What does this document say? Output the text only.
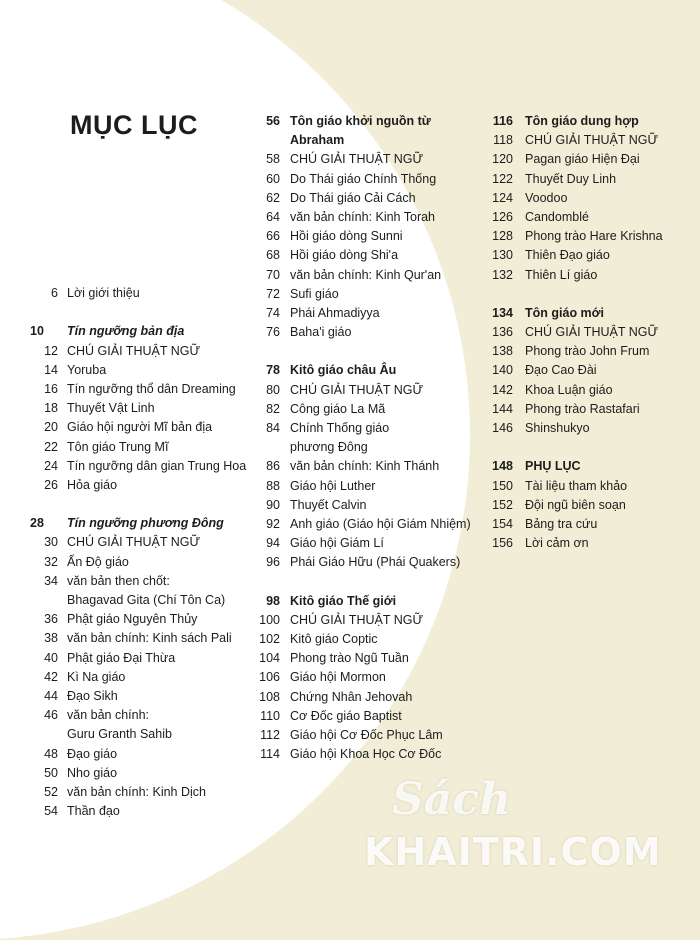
MỤC LỤC
6 Lời giới thiệu
10	Tín ngưỡng bản địa
12 CHÚ GIẢI THUẬT NGỮ
14 Yoruba
16 Tín ngưỡng thổ dân Dreaming
18 Thuyết Vật Linh
20 Giáo hội người Mĩ bản địa
22 Tôn giáo Trung Mĩ
24 Tín ngưỡng dân gian Trung Hoa
26 Hỏa giáo
28	Tín ngưỡng phương Đông
30 CHÚ GIẢI THUẬT NGỮ
32 Ấn Độ giáo
34 văn bản then chốt:
Bhagavad Gita (Chí Tôn Ca)
36 Phật giáo Nguyên Thủy
38 văn bản chính: Kinh sách Pali
40 Phật giáo Đại Thừa
42 Kì Na giáo
44 Đạo Sikh
46 văn bản chính:
Guru Granth Sahib
48 Đạo giáo
50 Nho giáo
52 văn bản chính: Kinh Dịch
54 Thần đạo
56 Tôn giáo khởi nguồn từ
Abraham
58 CHÚ GIẢI THUẬT NGỮ
60 Do Thái giáo Chính Thống
62 Do Thái giáo Cải Cách
64 văn bản chính: Kinh Torah
66 Hồi giáo dòng Sunni
68 Hồi giáo dòng Shi'a
70 văn bản chính: Kinh Qur'an
72 Sufi giáo
74 Phái Ahmadiyya
76 Baha'i giáo
78 Kitô giáo châu Âu
80 CHÚ GIẢI THUẬT NGỮ
82 Công giáo La Mã
84 Chính Thống giáo
phương Đông
86 văn bản chính: Kinh Thánh
88 Giáo hội Luther
90 Thuyết Calvin
92 Anh giáo (Giáo hội Giám Nhiệm)
94 Giáo hội Giám Lí
96 Phái Giáo Hữu (Phái Quakers)
98 Kitô giáo Thế giới
100 CHÚ GIẢI THUẬT NGỮ
102 Kitô giáo Coptic
104 Phong trào Ngũ Tuần
106 Giáo hội Mormon
108 Chứng Nhân Jehovah
110 Cơ Đốc giáo Baptist
112 Giáo hội Cơ Đốc Phục Lâm
114 Giáo hội Khoa Học Cơ Đốc
116 Tôn giáo dung hợp
118 CHÚ GIẢI THUẬT NGỮ
120 Pagan giáo Hiện Đại
122 Thuyết Duy Linh
124 Voodoo
126 Candomblé
128 Phong trào Hare Krishna
130 Thiên Đạo giáo
132 Thiên Lí giáo
134 Tôn giáo mới
136 CHÚ GIẢI THUẬT NGỮ
138 Phong trào John Frum
140 Đạo Cao Đài
142 Khoa Luận giáo
144 Phong trào Rastafari
146 Shinshukyo
148 PHỤ LỤC
150 Tài liệu tham khảo
152 Đội ngũ biên soạn
154 Bảng tra cứu
156 Lời cảm ơn
Sách
KHAITRI.COM
